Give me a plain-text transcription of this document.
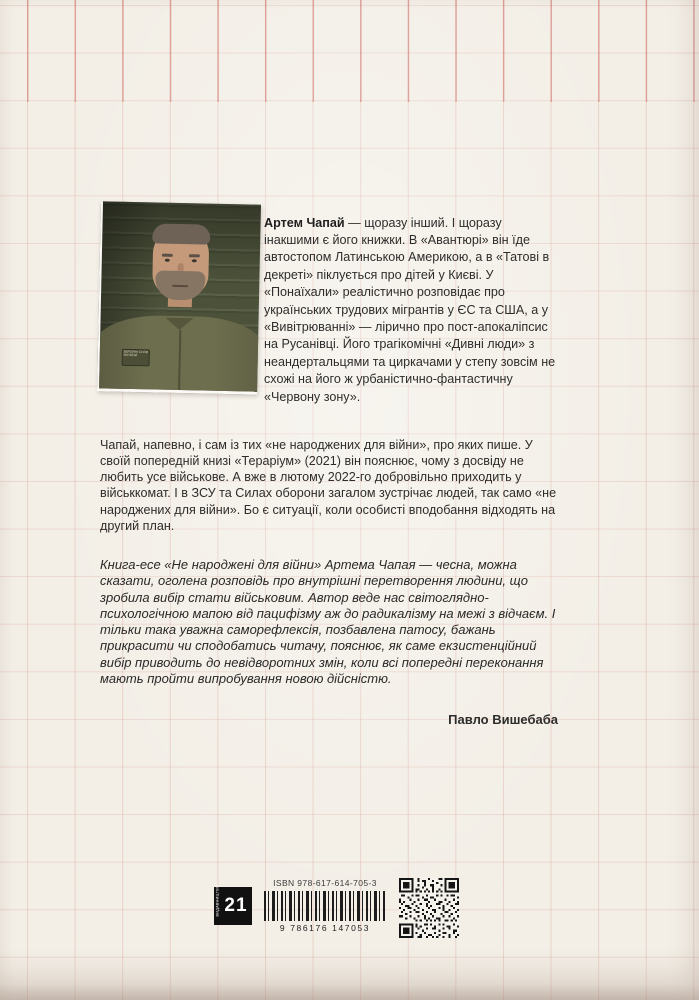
ЗБРОЙНІ СИЛИ УКРАЇНИ

Артем Чапай — щоразу інший. І щоразу інакшими є його книжки. В «Авантюрі» він їде автостопом Латинською Америкою, а в «Татові в декреті» піклується про дітей у Києві. У «Понаїхали» реалістично розповідає про українських трудових мігрантів у ЄС та США, а у «Вивітрюванні» — лірично про пост-апокаліпсис на Русанівці. Його трагікомічні «Дивні люди» з неандертальцями та циркачами у степу зовсім не схожі на його ж урбаністично-фантастичну «Червону зону».

Чапай, напевно, і сам із тих «не народжених для війни», про яких пише. У своїй попередній книзі «Тераріум» (2021) він пояснює, чому з досвіду не любить усе військове. А вже в лютому 2022-го добровільно приходить у військкомат. І в ЗСУ та Силах оборони загалом зустрічає людей, так само «не народжених для війни». Бо є ситуації, коли особисті вподобання відходять на другий план.

Книга-есе «Не народжені для війни» Артема Чапая — чесна, можна сказати, оголена розповідь про внутрішні перетворення людини, що зробила вибір стати військовим. Автор веде нас світоглядно-психологічною мапою від пацифізму аж до радикалізму на межі з відчаєм. І тільки така уважна саморефлексія, позбавлена патосу, бажань прикрасити чи сподобатись читачу, пояснює, як саме екзистенційний вибір приводить до невідворотних змін, коли всі попередні переконання мають пройти випробування новою дійсністю.

Павло Вишебаба

ВИДАВНИЦТВО 21
ISBN 978-617-614-705-3
9 786176 147053
